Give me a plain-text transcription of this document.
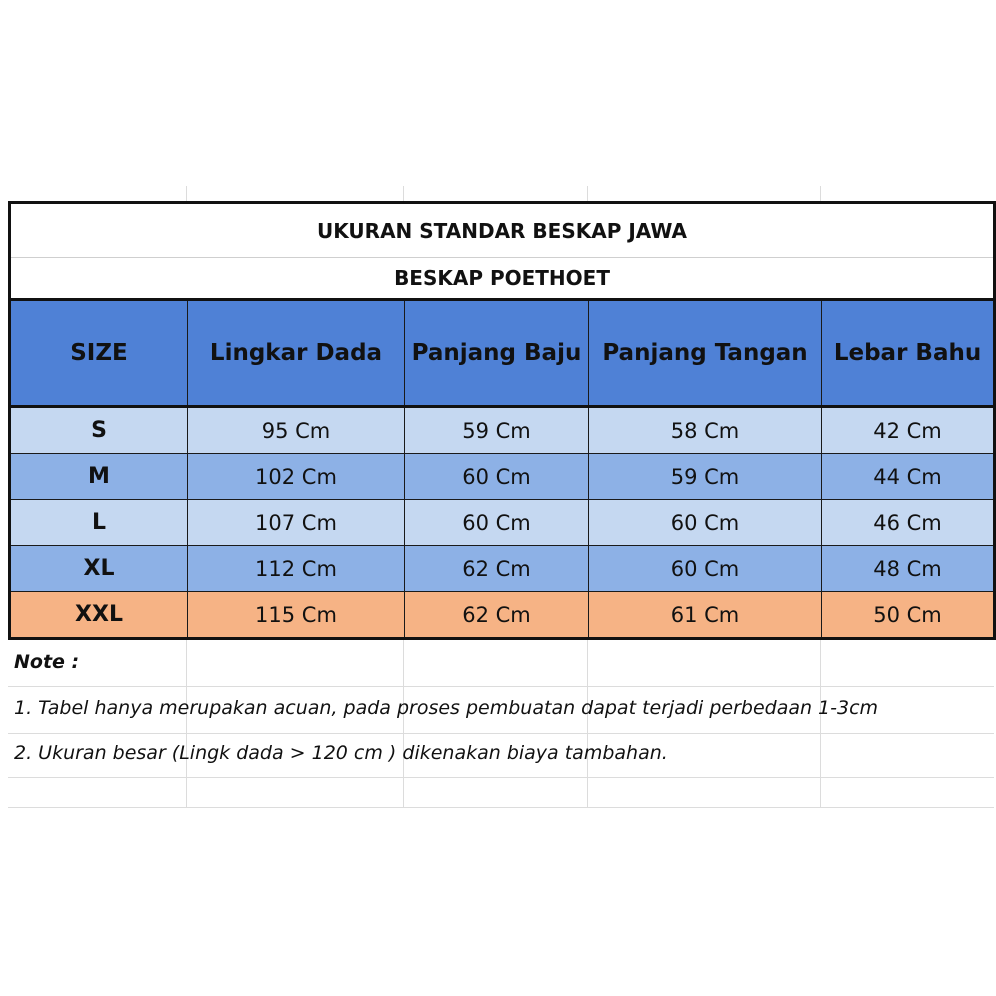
UKURAN STANDAR BESKAP JAWA				
BESKAP POETHOET				
SIZE	Lingkar Dada	Panjang Baju	Panjang Tangan	Lebar Bahu
S	95 Cm	59 Cm	58 Cm	42 Cm
M	102 Cm	60 Cm	59 Cm	44 Cm
L	107 Cm	60 Cm	60 Cm	46 Cm
XL	112 Cm	62 Cm	60 Cm	48 Cm
XXL	115 Cm	62 Cm	61 Cm	50 Cm
Note :
1. Tabel hanya merupakan acuan, pada proses pembuatan dapat terjadi perbedaan 1-3cm
2. Ukuran besar (Lingk dada > 120 cm ) dikenakan biaya tambahan.
